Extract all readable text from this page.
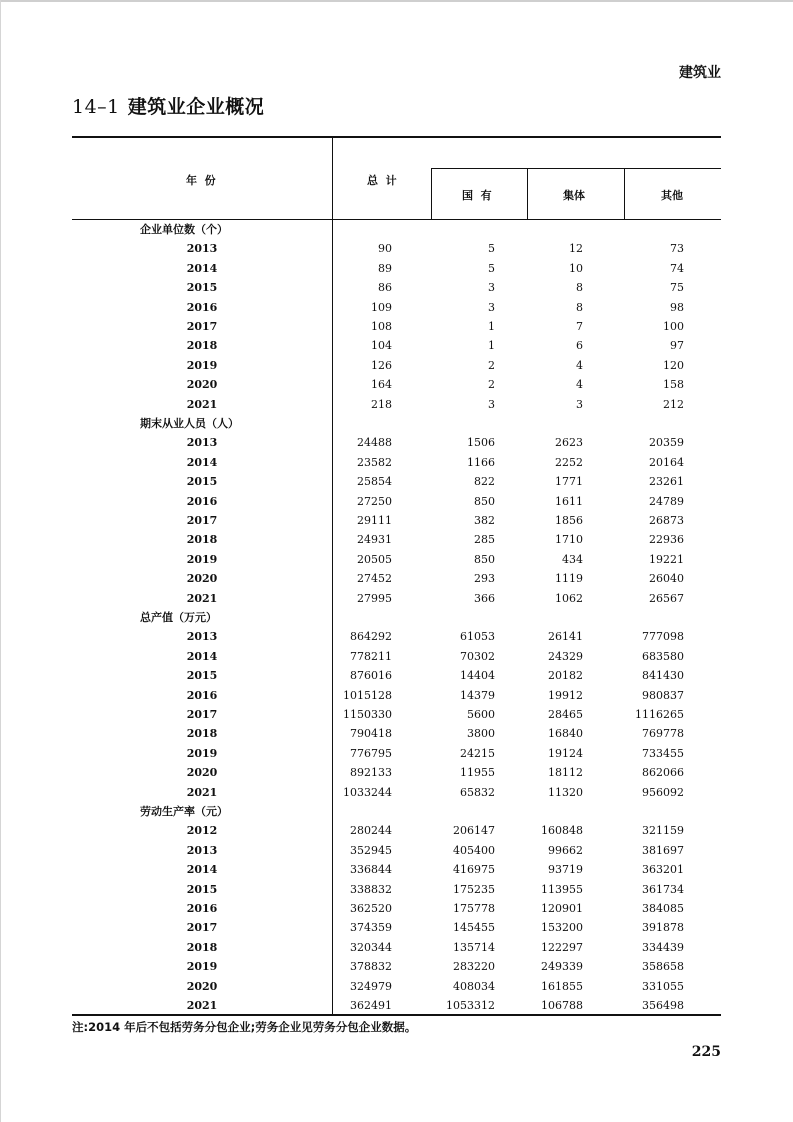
建筑业
14–1 建筑业企业概况
年  份	总  计
国  有	集体	其他
企业单位数（个）
2013	90	5	12	73
2014	89	5	10	74
2015	86	3	8	75
2016	109	3	8	98
2017	108	1	7	100
2018	104	1	6	97
2019	126	2	4	120
2020	164	2	4	158
2021	218	3	3	212
期末从业人员（人）
2013	24488	1506	2623	20359
2014	23582	1166	2252	20164
2015	25854	822	1771	23261
2016	27250	850	1611	24789
2017	29111	382	1856	26873
2018	24931	285	1710	22936
2019	20505	850	434	19221
2020	27452	293	1119	26040
2021	27995	366	1062	26567
总产值（万元）
2013	864292	61053	26141	777098
2014	778211	70302	24329	683580
2015	876016	14404	20182	841430
2016	1015128	14379	19912	980837
2017	1150330	5600	28465	1116265
2018	790418	3800	16840	769778
2019	776795	24215	19124	733455
2020	892133	11955	18112	862066
2021	1033244	65832	11320	956092
劳动生产率（元）
2012	280244	206147	160848	321159
2013	352945	405400	99662	381697
2014	336844	416975	93719	363201
2015	338832	175235	113955	361734
2016	362520	175778	120901	384085
2017	374359	145455	153200	391878
2018	320344	135714	122297	334439
2019	378832	283220	249339	358658
2020	324979	408034	161855	331055
2021	362491	1053312	106788	356498
注:2014 年后不包括劳务分包企业;劳务企业见劳务分包企业数据。
225
